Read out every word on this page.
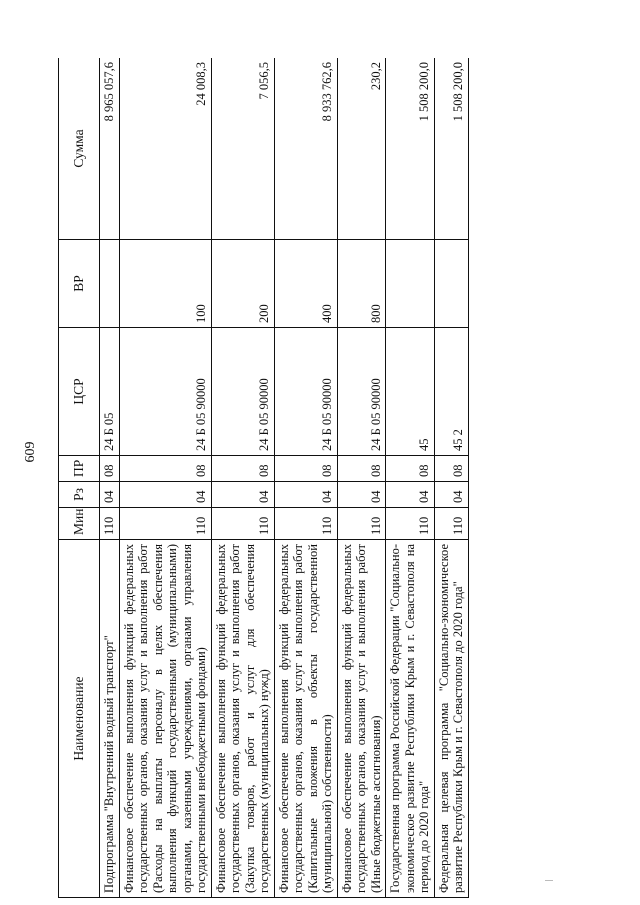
609
Наименование	Мин	Рз	ПР	ЦСР	ВР	Сумма
Подпрограмма "Внутренний водный транспорт"	110	04	08	24 Б 05		8 965 057,6
Финансовое обеспечение выполнения функций федеральных государственных органов, оказания услуг и выполнения работ (Расходы на выплаты персоналу в целях обеспечения выполнения функций государственными (муниципальными) органами, казенными учреждениями, органами управления государственными внебюджетными фондами)	110	04	08	24 Б 05 90000	100	24 008,3
Финансовое обеспечение выполнения функций федеральных государственных органов, оказания услуг и выполнения работ (Закупка товаров, работ и услуг для обеспечения государственных (муниципальных) нужд)	110	04	08	24 Б 05 90000	200	7 056,5
Финансовое обеспечение выполнения функций федеральных государственных органов, оказания услуг и выполнения работ (Капитальные вложения в объекты государственной (муниципальной) собственности)	110	04	08	24 Б 05 90000	400	8 933 762,6
Финансовое обеспечение выполнения функций федеральных государственных органов, оказания услуг и выполнения работ (Иные бюджетные ассигнования)	110	04	08	24 Б 05 90000	800	230,2
Государственная программа Российской Федерации "Социально-экономическое развитие Республики Крым и г. Севастополя на период до 2020 года"	110	04	08	45		1 508 200,0
Федеральная целевая программа "Социально-экономическое развитие Республики Крым и г. Севастополя до 2020 года"	110	04	08	45 2		1 508 200,0
